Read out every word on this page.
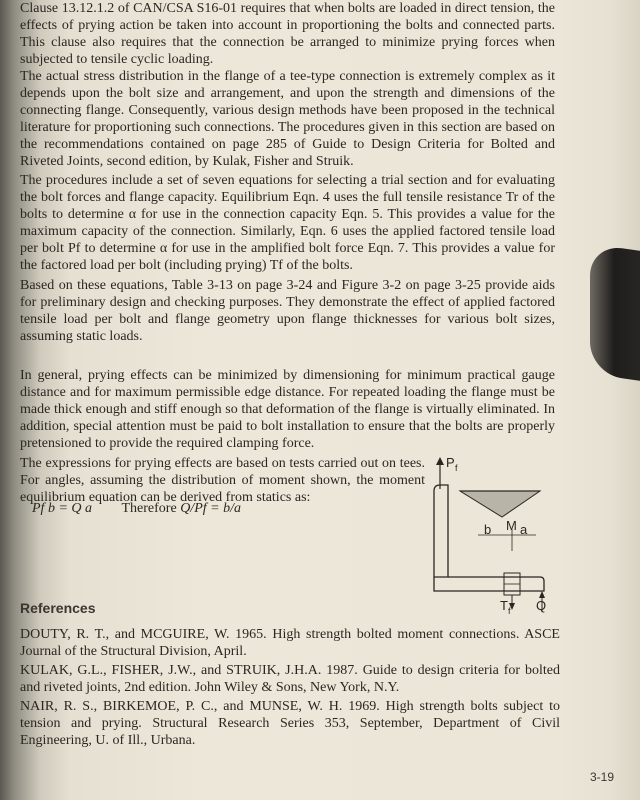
Clause 13.12.1.2 of CAN/CSA S16-01 requires that when bolts are loaded in direct tension, the effects of prying action be taken into account in proportioning the bolts and connected parts. This clause also requires that the connection be arranged to minimize prying forces when subjected to tensile cyclic loading.

The actual stress distribution in the flange of a tee-type connection is extremely complex as it depends upon the bolt size and arrangement, and upon the strength and dimensions of the connecting flange. Consequently, various design methods have been proposed in the technical literature for proportioning such connections. The procedures given in this section are based on the recommendations contained on page 285 of Guide to Design Criteria for Bolted and Riveted Joints, second edition, by Kulak, Fisher and Struik.

The procedures include a set of seven equations for selecting a trial section and for evaluating the bolt forces and flange capacity. Equilibrium Eqn. 4 uses the full tensile resistance Tr of the bolts to determine α for use in the connection capacity Eqn. 5. This provides a value for the maximum capacity of the connection. Similarly, Eqn. 6 uses the applied factored tensile load per bolt Pf to determine α for use in the amplified bolt force Eqn. 7. This provides a value for the factored load per bolt (including prying) Tf of the bolts.

Based on these equations, Table 3-13 on page 3-24 and Figure 3-2 on page 3-25 provide aids for preliminary design and checking purposes. They demonstrate the effect of applied factored tensile load per bolt and flange geometry upon flange thicknesses for various bolt sizes, assuming static loads.

In general, prying effects can be minimized by dimensioning for minimum practical gauge distance and for maximum permissible edge distance. For repeated loading the flange must be made thick enough and stiff enough so that deformation of the flange is virtually eliminated. In addition, special attention must be paid to bolt installation to ensure that the bolts are properly pretensioned to provide the required clamping force.

The expressions for prying effects are based on tests carried out on tees. For angles, assuming the distribution of moment shown, the moment equilibrium equation can be derived from statics as:

Pf b = Q a Therefore Q/Pf = b/a
References

DOUTY, R. T., and MCGUIRE, W. 1965. High strength bolted moment connections. ASCE Journal of the Structural Division, April.

KULAK, G.L., FISHER, J.W., and STRUIK, J.H.A. 1987. Guide to design criteria for bolted and riveted joints, 2nd edition. John Wiley & Sons, New York, N.Y.

NAIR, R. S., BIRKEMOE, P. C., and MUNSE, W. H. 1969. High strength bolts subject to tension and prying. Structural Research Series 353, September, Department of Civil Engineering, U. of Ill., Urbana.

P f
M
b a
T f Q
3-19
